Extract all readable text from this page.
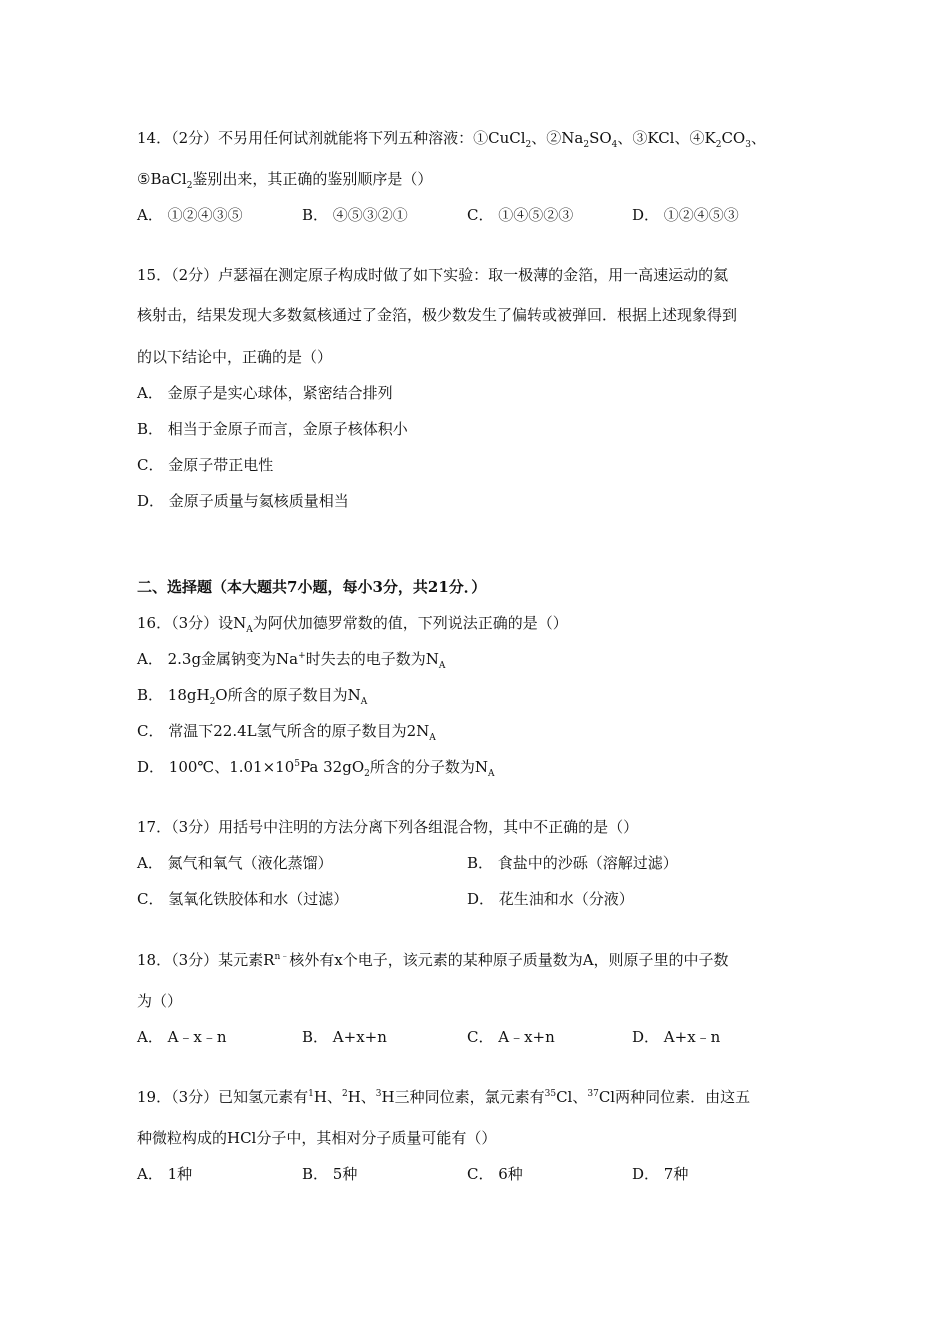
14．（2分）不另用任何试剂就能将下列五种溶液：①CuCl$_2$、$②Na_2SO_4$、③KCl、$④K_2CO_3$、
⑤BaCl$_2$鉴别出来，其正确的鉴别顺序是（）
A． ①②④③⑤	B． ④⑤③②①	C． ①④⑤②③	D． ①②④⑤③
15．（2分）卢瑟福在测定原子构成时做了如下实验：取一极薄的金箔，用一高速运动的氦
核射击，结果发现大多数氦核通过了金箔，极少数发生了偏转或被弹回．根据上述现象得到
的以下结论中，正确的是（）
A． 金原子是实心球体，紧密结合排列
B． 相当于金原子而言，金原子核体积小
C． 金原子带正电性
D． 金原子质量与氦核质量相当
二、选择题（本大题共7小题，每小3分，共21分．）
16．（3分）设$N_A$为阿伏加德罗常数的值，下列说法正确的是（）
A． 2.3g金属钠变为Na+时失去的电子数为$N_A$
B． $18gH_2O$所含的原子数目为$N_A$
C． 常温下22.4L氢气所含的原子数目为$2N_A$
D． 100℃、$1.01\times 10^5Pa$ $32gO_2$所含的分子数为$N_A$
17．（3分）用括号中注明的方法分离下列各组混合物，其中不正确的是（）
A． 氮气和氧气（液化蒸馏）	B． 食盐中的沙砾（溶解过滤）
C． 氢氧化铁胶体和水（过滤）	D． 花生油和水（分液）
18．（3分）某元素$R^{n﹣}$核外有x个电子，该元素的某种原子质量数为A，则原子里的中子数
为（）
A． A﹣x﹣n	B． A+x+n	C． A﹣x+n	D． A+x﹣n
19．（3分）已知氢元素有$^1$H、$^2$H、$^3$H三种同位素，氯元素有$^{35}$Cl、$^{37}$Cl两种同位素．由这五
种微粒构成的HCl分子中，其相对分子质量可能有（）
A． 1种	B． 5种	C． 6种	D． 7种
